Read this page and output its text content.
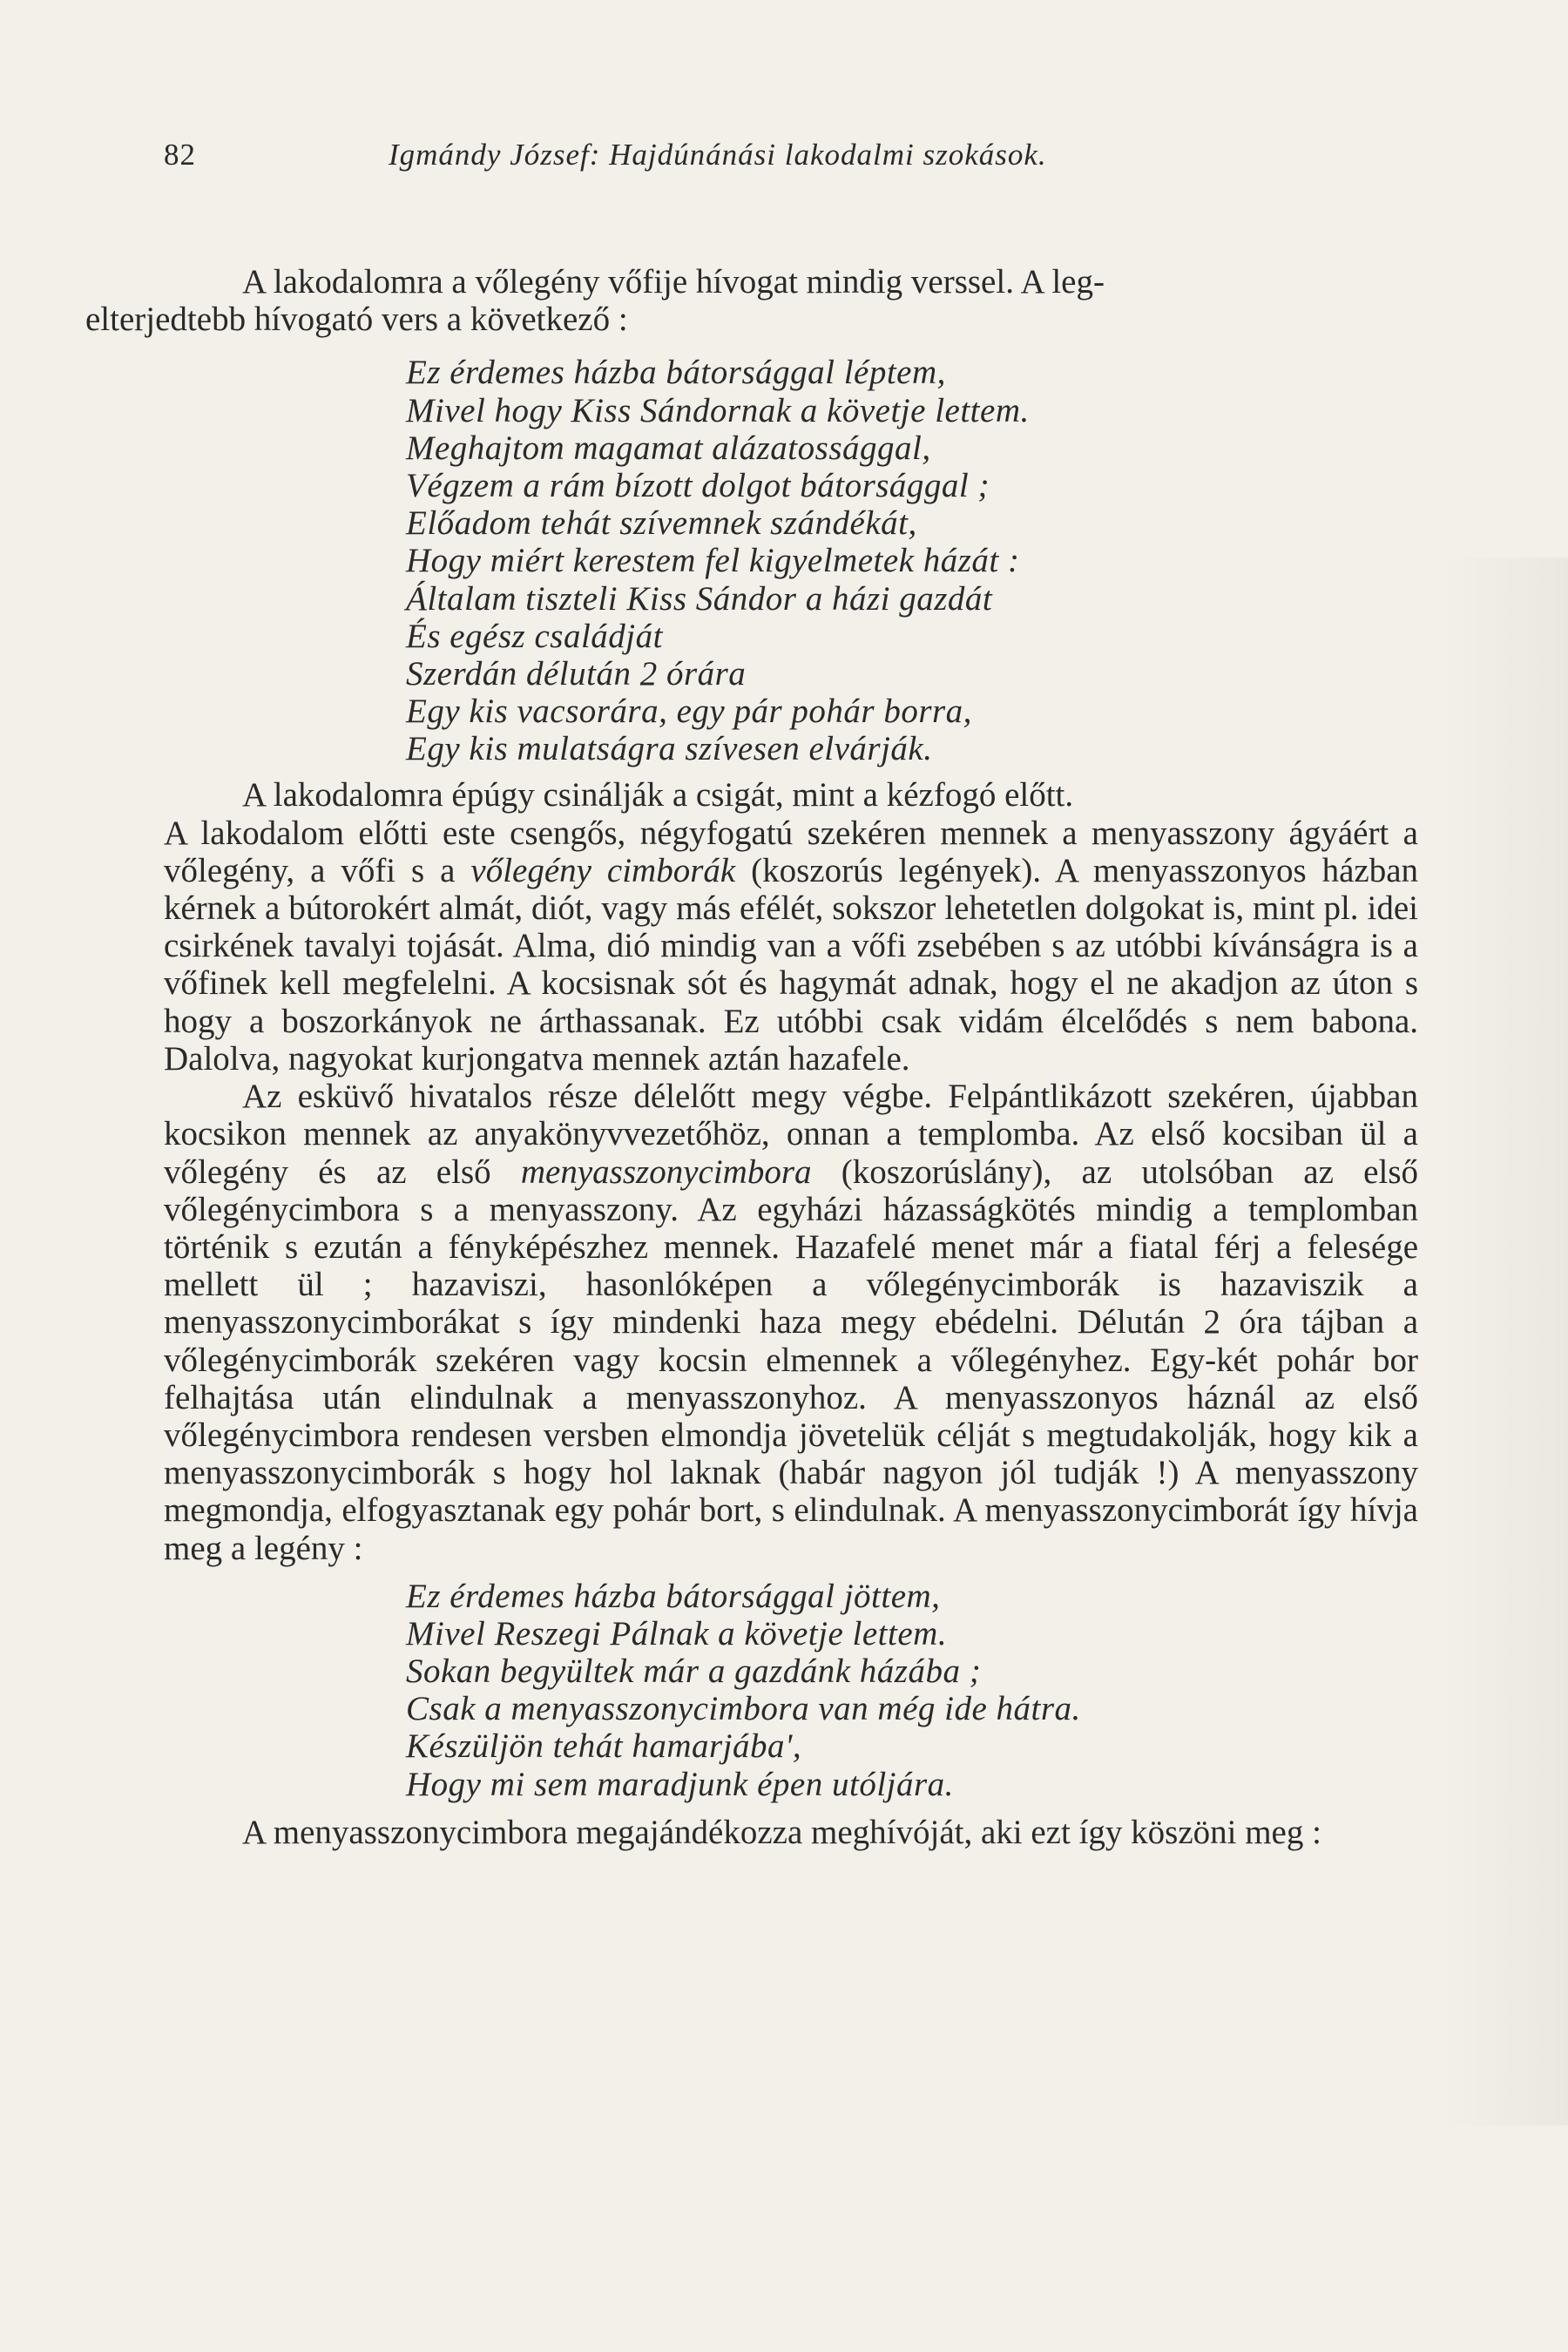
82	Igmándy József: Hajdúnánási lakodalmi szokások.

A lakodalomra a vőlegény vőfije hívogat mindig verssel. A leg-
elterjedtebb hívogató vers a következő :

Ez érdemes házba bátorsággal léptem,
Mivel hogy Kiss Sándornak a követje lettem.
Meghajtom magamat alázatossággal,
Végzem a rám bízott dolgot bátorsággal ;
Előadom tehát szívemnek szándékát,
Hogy miért kerestem fel kigyelmetek házát :
Általam tiszteli Kiss Sándor a házi gazdát
És egész családját
Szerdán délután 2 órára
Egy kis vacsorára, egy pár pohár borra,
Egy kis mulatságra szívesen elvárják.

A lakodalomra épúgy csinálják a csigát, mint a kézfogó előtt.

A lakodalom előtti este csengős, négyfogatú szekéren mennek a menyasszony ágyáért a vőlegény, a vőfi s a vőlegény cimborák (koszorús legények). A menyasszonyos házban kérnek a bútorokért almát, diót, vagy más efélét, sokszor lehetetlen dolgokat is, mint pl. idei csirkének tavalyi tojását. Alma, dió mindig van a vőfi zsebében s az utóbbi kívánságra is a vőfinek kell megfelelni. A kocsisnak sót és hagymát adnak, hogy el ne akadjon az úton s hogy a boszorkányok ne árthassanak. Ez utóbbi csak vidám élcelődés s nem babona. Dalolva, nagyokat kurjongatva mennek aztán hazafele.

Az esküvő hivatalos része délelőtt megy végbe. Felpántlikázott szekéren, újabban kocsikon mennek az anyakönyvvezetőhöz, onnan a templomba. Az első kocsiban ül a vőlegény és az első menyasszonycimbora (koszorúslány), az utolsóban az első vőlegénycimbora s a menyasszony. Az egyházi házasságkötés mindig a templomban történik s ezután a fényképészhez mennek. Hazafelé menet már a fiatal férj a felesége mellett ül ; hazaviszi, hasonlóképen a vőlegénycimborák is hazaviszik a menyasszonycimborákat s így mindenki haza megy ebédelni. Délután 2 óra tájban a vőlegénycimborák szekéren vagy kocsin elmennek a vőlegényhez. Egy-két pohár bor felhajtása után elindulnak a menyasszonyhoz. A menyasszonyos háznál az első vőlegénycimbora rendesen versben elmondja jövetelük célját s megtudakolják, hogy kik a menyasszonycimborák s hogy hol laknak (habár nagyon jól tudják !) A menyasszony megmondja, elfogyasztanak egy pohár bort, s elindulnak. A menyasszonycimborát így hívja meg a legény :

Ez érdemes házba bátorsággal jöttem,
Mivel Reszegi Pálnak a követje lettem.
Sokan begyültek már a gazdánk házába ;
Csak a menyasszonycimbora van még ide hátra.
Készüljön tehát hamarjába',
Hogy mi sem maradjunk épen utóljára.

A menyasszonycimbora megajándékozza meghívóját, aki ezt így köszöni meg :
